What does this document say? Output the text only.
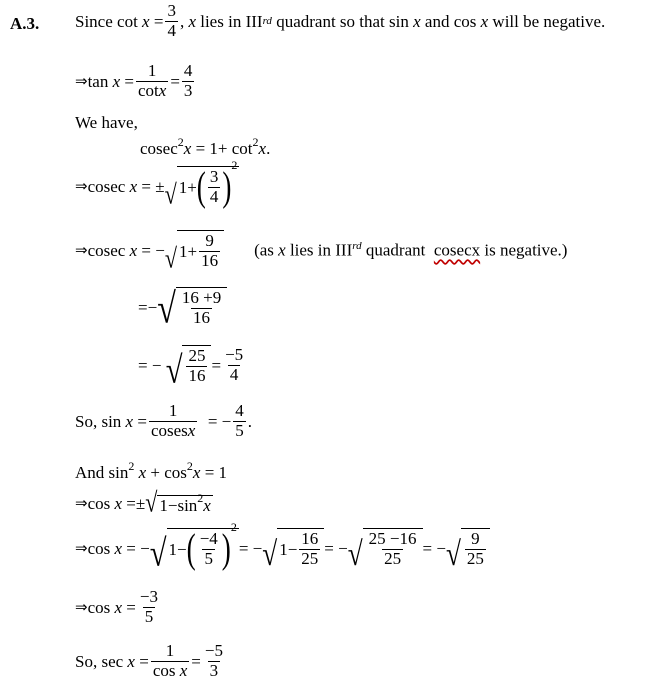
A.3. Since cot
x
= $\frac{3}{4}$ ,
x
lies in III rd
quadrant so that sin
x
and cos
x
will be negative.
⇒ tan
x
= $\frac{1}{\cot x} = \frac{4}{3}$
We have,
$cosec^2x = 1+ \cot^2x$.
⇒ cosec
x
= ± √ 1+ ( $\frac{3}{4}$ ) 2
⇒ cosec
x
= − √ $1+ \frac{9}{16} (as$ x lies in IIIrd quadrant cosecx is negative.)
=− √ $\frac{16 +9}{16}$
= −
√ $\frac{25}{16} = \frac{-5}{4}$
So, sin
x
= $\frac{1}{\text{cosesx}}$
= − $\frac{4}{5}$ .
And $\sin^2 x + \cos^2x = 1$
⇒ cos
x
=± √ 1− sin 2 x
⇒ cos
x
= − √ 1− ( $\frac{-4}{5}$ ) 2
= − √ $1- \frac{16}{25}$ = − √ $\frac{25 -16}{25}$ = − √ $\frac{9}{25}$
⇒ cos
x
= $\frac{-3}{5}$
So, sec
x
= $\frac{1}{\text{cos x}} = \frac{-5}{3}$
